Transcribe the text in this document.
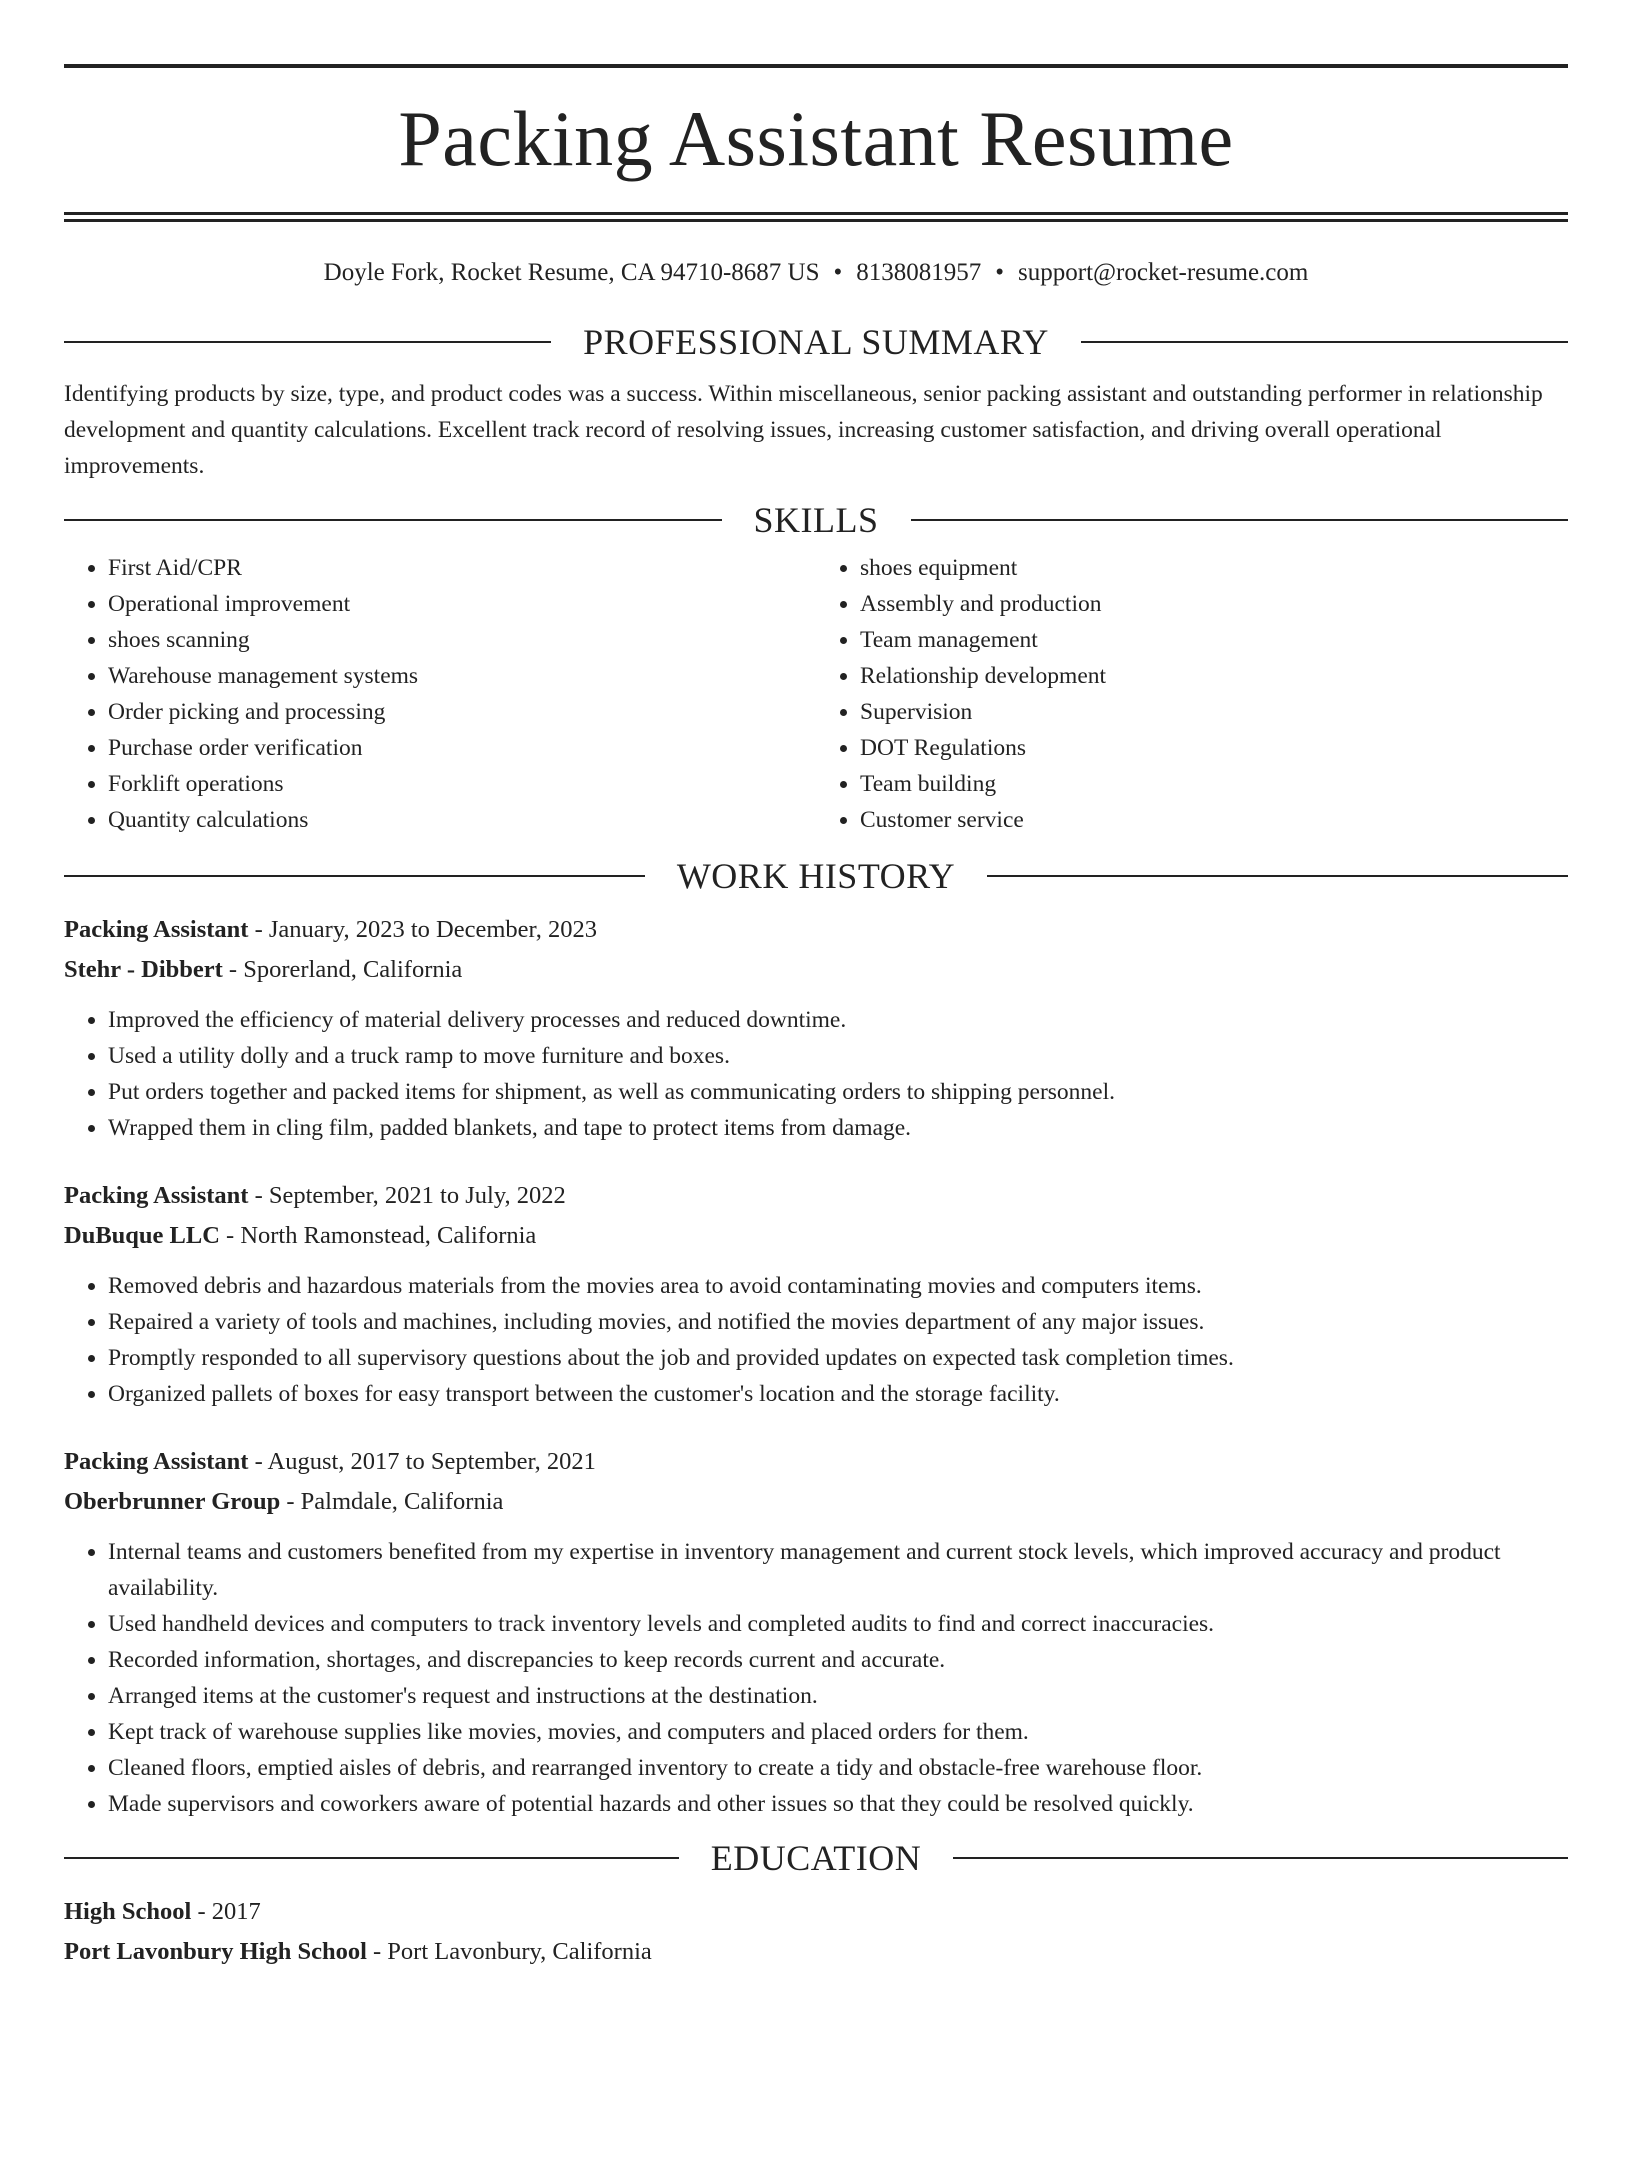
Packing Assistant Resume
Doyle Fork, Rocket Resume, CA 94710-8687 US • 8138081957 • support@rocket-resume.com
PROFESSIONAL SUMMARY

Identifying products by size, type, and product codes was a success. Within miscellaneous, senior packing assistant and outstanding performer in relationship development and quantity calculations. Excellent track record of resolving issues, increasing customer satisfaction, and driving overall operational improvements.

SKILLS
• First Aid/CPR
• Operational improvement
• shoes scanning
• Warehouse management systems
• Order picking and processing
• Purchase order verification
• Forklift operations
• Quantity calculations
• shoes equipment
• Assembly and production
• Team management
• Relationship development
• Supervision
• DOT Regulations
• Team building
• Customer service
WORK HISTORY
Packing Assistant - January, 2023 to December, 2023
Stehr - Dibbert - Sporerland, California
• Improved the efficiency of material delivery processes and reduced downtime.
• Used a utility dolly and a truck ramp to move furniture and boxes.
• Put orders together and packed items for shipment, as well as communicating orders to shipping personnel.
• Wrapped them in cling film, padded blankets, and tape to protect items from damage.
Packing Assistant - September, 2021 to July, 2022
DuBuque LLC - North Ramonstead, California
• Removed debris and hazardous materials from the movies area to avoid contaminating movies and computers items.
• Repaired a variety of tools and machines, including movies, and notified the movies department of any major issues.
• Promptly responded to all supervisory questions about the job and provided updates on expected task completion times.
• Organized pallets of boxes for easy transport between the customer's location and the storage facility.
Packing Assistant - August, 2017 to September, 2021
Oberbrunner Group - Palmdale, California
• Internal teams and customers benefited from my expertise in inventory management and current stock levels, which improved accuracy and product availability.
• Used handheld devices and computers to track inventory levels and completed audits to find and correct inaccuracies.
• Recorded information, shortages, and discrepancies to keep records current and accurate.
• Arranged items at the customer's request and instructions at the destination.
• Kept track of warehouse supplies like movies, movies, and computers and placed orders for them.
• Cleaned floors, emptied aisles of debris, and rearranged inventory to create a tidy and obstacle-free warehouse floor.
• Made supervisors and coworkers aware of potential hazards and other issues so that they could be resolved quickly.
EDUCATION
High School - 2017
Port Lavonbury High School - Port Lavonbury, California
